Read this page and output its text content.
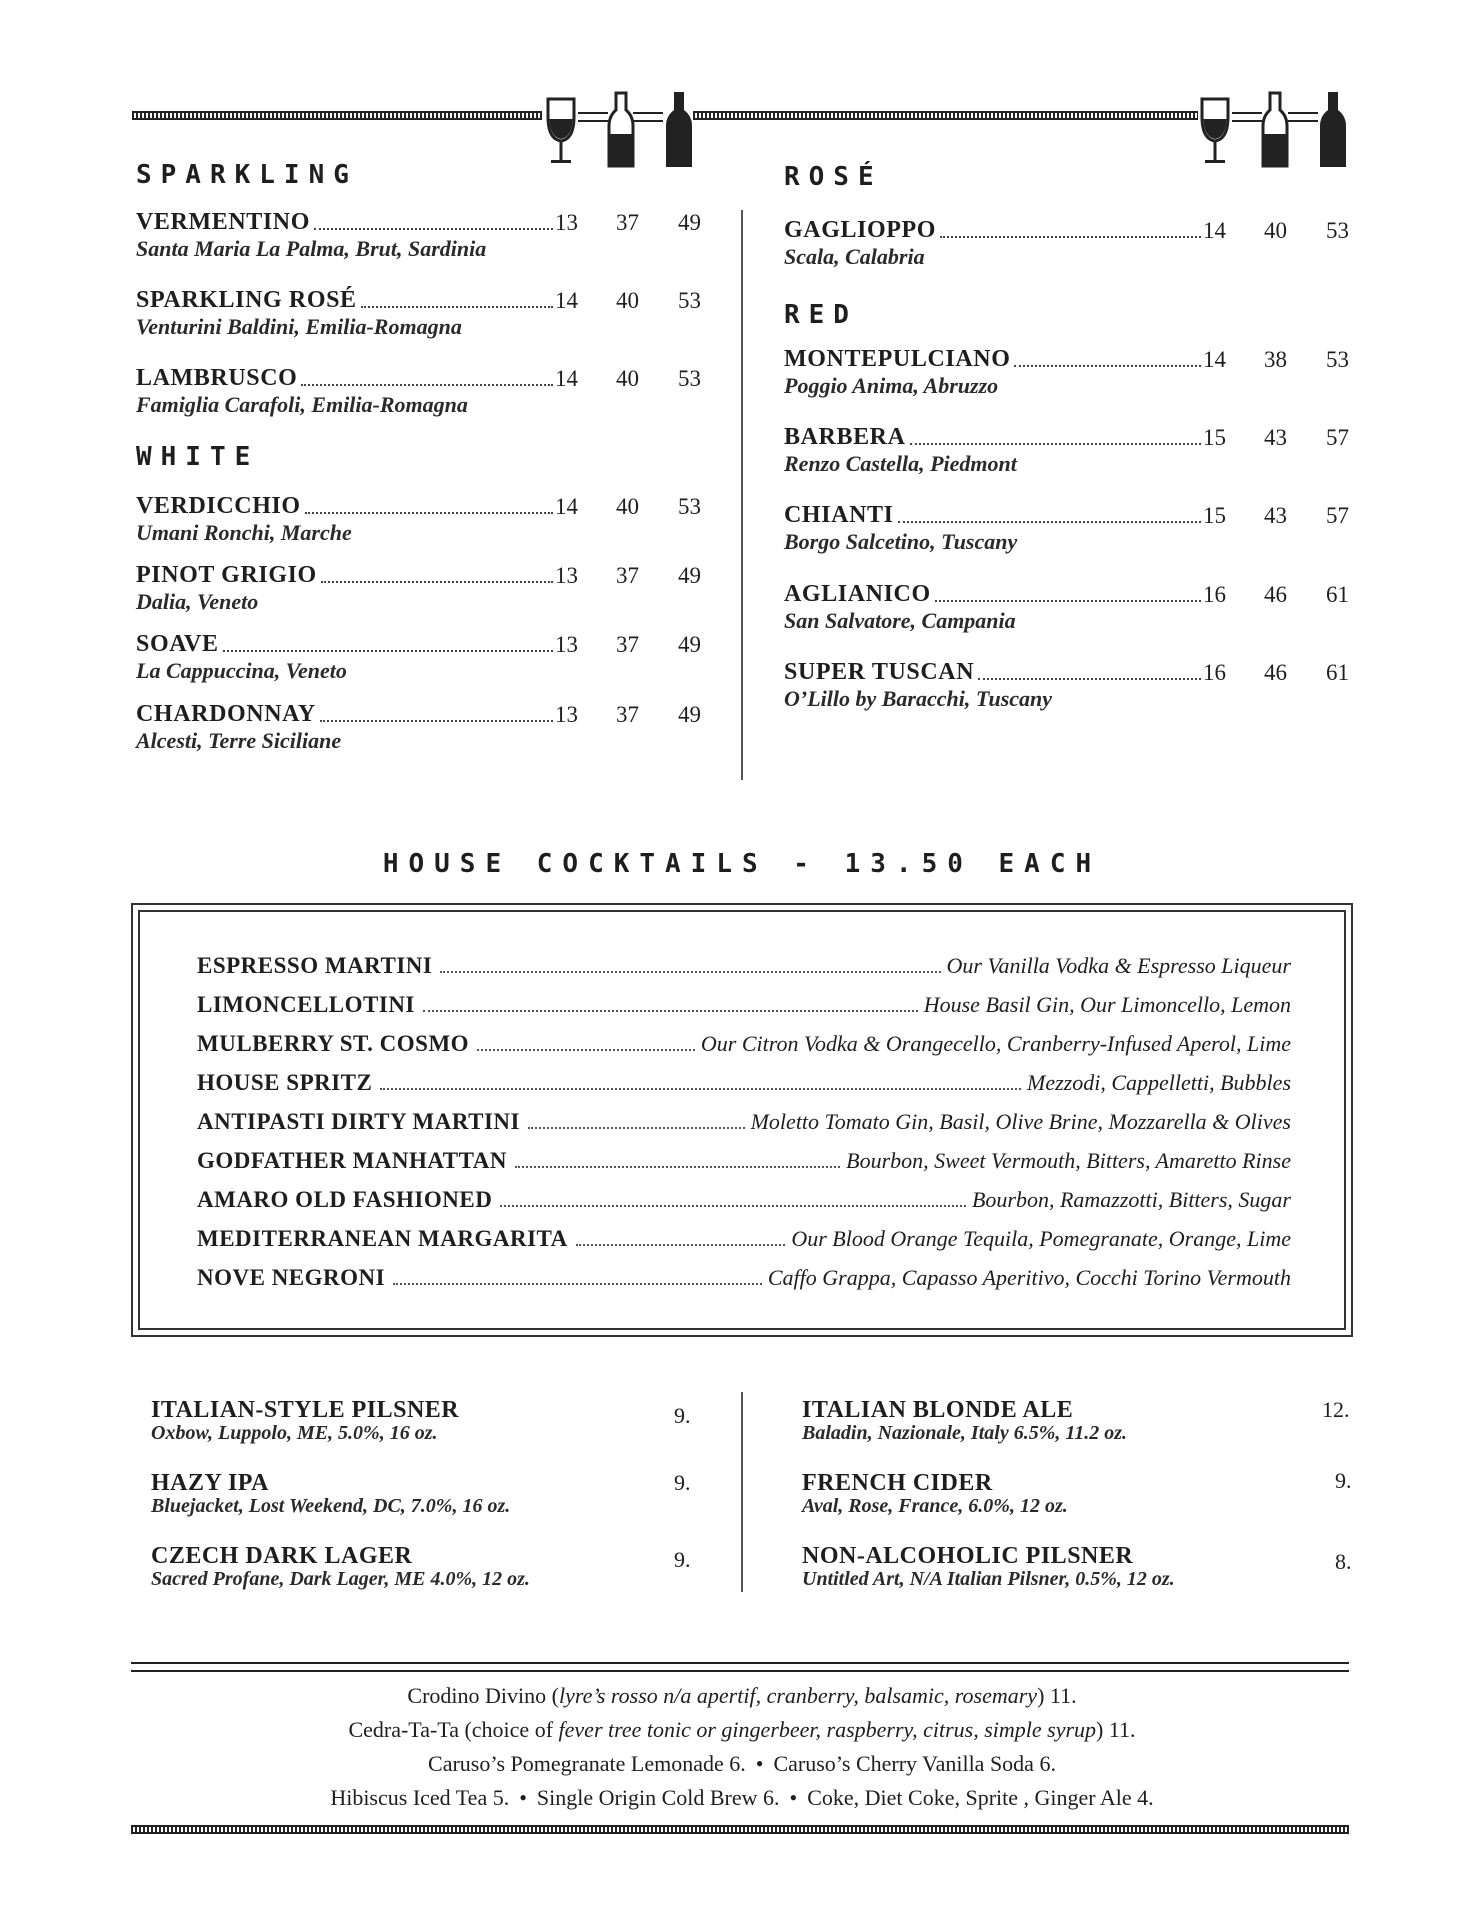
SPARKLING
WHITE
ROSÉ
RED
VERMENTINO	13 37 49
Santa Maria La Palma, Brut, Sardinia
SPARKLING ROSÉ	14 40 53
Venturini Baldini, Emilia-Romagna
LAMBRUSCO	14 40 53
Famiglia Carafoli, Emilia-Romagna
VERDICCHIO	14 40 53
Umani Ronchi, Marche
PINOT GRIGIO	13 37 49
Dalia, Veneto
SOAVE	13 37 49
La Cappuccina, Veneto
CHARDONNAY	13 37 49
Alcesti, Terre Siciliane
GAGLIOPPO	14 40 53
Scala, Calabria
MONTEPULCIANO	14 38 53
Poggio Anima, Abruzzo
BARBERA	15 43 57
Renzo Castella, Piedmont
CHIANTI	15 43 57
Borgo Salcetino, Tuscany
AGLIANICO	16 46 61
San Salvatore, Campania
SUPER TUSCAN	16 46 61
O’Lillo by Baracchi, Tuscany
HOUSE COCKTAILS - 13.50 EACH
ESPRESSO MARTINI	Our Vanilla Vodka & Espresso Liqueur
LIMONCELLOTINI	House Basil Gin, Our Limoncello, Lemon
MULBERRY ST. COSMO	Our Citron Vodka & Orangecello, Cranberry-Infused Aperol, Lime
HOUSE SPRITZ	Mezzodi, Cappelletti, Bubbles
ANTIPASTI DIRTY MARTINI	Moletto Tomato Gin, Basil, Olive Brine, Mozzarella & Olives
GODFATHER MANHATTAN	Bourbon, Sweet Vermouth, Bitters, Amaretto Rinse
AMARO OLD FASHIONED	Bourbon, Ramazzotti, Bitters, Sugar
MEDITERRANEAN MARGARITA	Our Blood Orange Tequila, Pomegranate, Orange, Lime
NOVE NEGRONI	Caffo Grappa, Capasso Aperitivo, Cocchi Torino Vermouth
ITALIAN-STYLE PILSNER
Oxbow, Luppolo, ME, 5.0%, 16 oz.
9.
HAZY IPA
Bluejacket, Lost Weekend, DC, 7.0%, 16 oz.
9.
CZECH DARK LAGER
Sacred Profane, Dark Lager, ME 4.0%, 12 oz.
9.
ITALIAN BLONDE ALE
Baladin, Nazionale, Italy 6.5%, 11.2 oz.
12.
FRENCH CIDER
Aval, Rose, France, 6.0%, 12 oz.
9.
NON-ALCOHOLIC PILSNER
Untitled Art, N/A Italian Pilsner, 0.5%, 12 oz.
8.
Crodino Divino (lyre’s rosso n/a apertif, cranberry, balsamic, rosemary) 11.
Cedra-Ta-Ta (choice of fever tree tonic or gingerbeer, raspberry, citrus, simple syrup) 11.
Caruso’s Pomegranate Lemonade 6. • Caruso’s Cherry Vanilla Soda 6.
Hibiscus Iced Tea 5. • Single Origin Cold Brew 6. • Coke, Diet Coke, Sprite , Ginger Ale 4.
